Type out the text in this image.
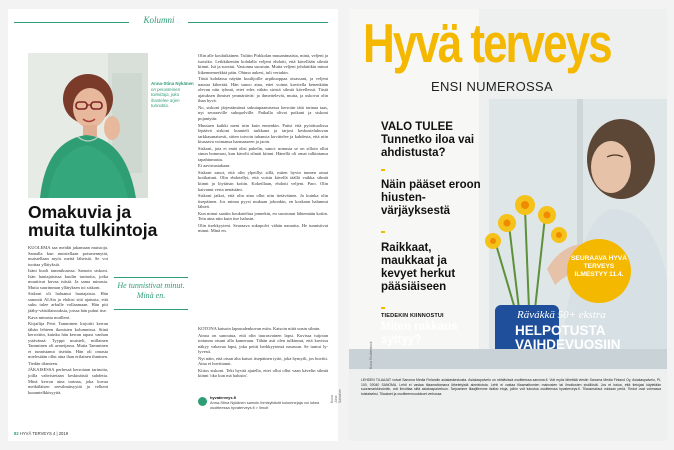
Kolumni
Anna-Stina Nykänen on perusteinen toimittaja, joka ihastelee arjen tunnuttia.
Omakuvia ja
muita tulkintoja

KUOLEMA saa meidät jakamaan muistoja. Samalla kun muistellaan poismennyttä, muistellaan myös meitä läheisiä. Se voi tuottaa yllätyksiä.

Isäni kuoli tammikuussa. Samoin siskoni. Isän hautajaisissa kuulin tarinoita, jotka muuttivat kuvaa isästä. Ja sama minusta. Mutta suurimman yllätyksen toi siskoni.

Siskoni oli haluanut hautajaisia. Hän sanoutti ALSia ja ehdosi sitä ajatusta, että suku tulee arkulle vollaamaan. Hän piti jäähy-väistilaisuuksia, joissa hän puhui itse.

Kava minusta muilleni.

Kirjailija Petri Tamminen kirjoitti kerran tähän lehteen ikonisten kolumnissa. Siinä kerrottiin, kuinka hän kerran tapasi vanhan ystävänsä. Tyyppi muisteli, millainen Tamminen oli armeijassa. Mutta Tamminen ei tunnistanut itseään. Hän oli omasta mielestään ollut aina ihan erilainen ihminen.

Tiedän tilanteen.

JÄKAISESSA perhessä kerrotaan tarinoita, joilla vahvistetaan keskinäistä suhdetta. Minä kerron aina tarinaa, joka kuvaa meikäläisen seesilmäisyyttä ja velkeni kuuuntelkkisyyttä.

He tunnistivat minut. Minä en.

Olin alle kouluikäinen. Tulitin Pirkkolan muuanimaista, minä, veljeni ja isoisiko. Leikkikentän kohdalla veljeni ehdotti, että kävellään silmät kiinni. Isä ja suostui. Vastonna suostuin. Mutta veljeni johdattikin minut liikennemerkkiä päin. Ohimo aukesi, tuli vertakin.

Tästä kohdassa näytän kuulijoille arpikuoppaa otsassani, ja veljeni nauraa kihertää. Hän sanoo aina, ettei voinut kuvitella kenenkään olevan niin tyhmä, ettei edes vähän siristä silmiä kävellessä. Tästä ajatuksen ihmiset ymmärtävät: ja ihmettelevät, muita, ja uskovat olin ihan hyvä.

No, siskoni järjestämässä sukutapaamisessa kerrotin tätä tarinaa taas, nyt seuraaville sukupolville. Paikalla olivat poikani ja siskoni pojantytär.

Muutaen kaikki meni niin kuin ennenkin. Paitsi että pyörätuolissa lepäävä siskoni kuunteli tarkkana ja tarjosi keskustelukuvan tarkkasanaisesti, sitten toivoin tuhansia kuvittelee ja kahdesta, että niin kiusaava voimansa harmaaseen ja jaoin.

Siskoni, jota ei enää olisi puhelin, sanoi: minusta se on silloin ollut sinun hommasi, kun kävelit silmät kiinni. Hänellä oli omat tulkintansa tapahtumasta.

Ei aavistustakaan.

Siskoni sanoi, että olin ylpeillyt sillä, miten hyvin tunnen omat kotikatuni. Olin ehdotellyt, että voisin kävellä täällä vaikka silmät kiinni ja löytäisin kotiin. Kokeillaan, ehdotti veljeni. Paro. Olin kaivanut verta nenästäni.

Siskoni jatkoi, että olin aina ollut niin tietäväinen. Ja kuinka olin itsepäinen. Jos minua pyysi mukaan johonkin, en koskaan halunnut lähteä.

Kun minut saatiin houkuteltua jonnekin, en suostunut lähtemään kotiin. Tein aina niin kuin itse halusin.

Olin itsekkyyteni. Seuraava sukupolvi vähän nauratta. He tunnistivat minut. Minä en.

KOTONA katsoin lapsuudenkuvan esiin. Katsoin niitä uusin silmin.

Ainoa on sanoutua, että olin tuurasvainen lapsi. Kuvissa tuijotan tottunna otsani alla kameraan. Tähän asti olen tulkinnut, että kuvissa näkyy vakavaa lapsi, joka peitti herkkyytensä nauruun. Se tuntui ly-lyvesti.

Nyt näin, että otsan alta katsoi itsepäinen tyttö, joka hymyili, jos huvitti. Aina ei huvittanut.

Kiitos siskoni. Teki hyvää ajatella, ettei ollut ollut vaan kävelin silmät kiinni 'oko kun mä halusin'.

hyvaterveys.fi
Anna-Stina Nykänen samoin ihmisyttävät kolumnejaja voi lukea osoitteessa hyvaterveys.fi > Ilmoit
82 HYVÄ TERVEYS 4 | 2019
Kuva Juha Salminen
Hyvä terveys
ENSI NUMEROSSA
VALO TULEE
Tunnetko iloa vai ahdistusta?
Näin pääset eroon hiustenvärjäyksestä
Raikkaat, maukkaat ja kevyet herkut pääsiäiseen
TIEDEKIN KIINNOSTUI
Miten rakkaus syttyy?
SEURAAVA HYVÄ TERVEYS ILMESTYY 11.4.
Rävákkä 50+ ekstra
HELPOTUSTA VAIHDEVUOSIIN
LEHDEN TILAAJAT voivat Sanoma Media Finlandin asiakaskeskusta. Asiakaspalvelu on nähtävissä osoitteessa sanoma.fi. Voit myös lähettää viestin Sanoma Media Finland Oy, Asiakaspalvelu, PL 100, 00040 SANOMA. Lehti ei vastaa tilaamattomana lähetetyistä aineistoista. Lehti ei vastaa tilaamattomien mainosten tai ilmoitusten sisällöstä. Jos et halua, että tietojasi käytetään suoramarkkinointiin, voit ilmoittaa siitä asiakaspalveluun. Tarjoamme tilaajillemme lisäksi etuja, joihin voit tutustua osoitteessa hyvaterveys.fi. Tilausmaksut voidaan periä. Tiedot ovat voimassa toistaiseksi. Tilaukset ja osoitteenmuutokset verkossa.
Kuva Shutterstock
